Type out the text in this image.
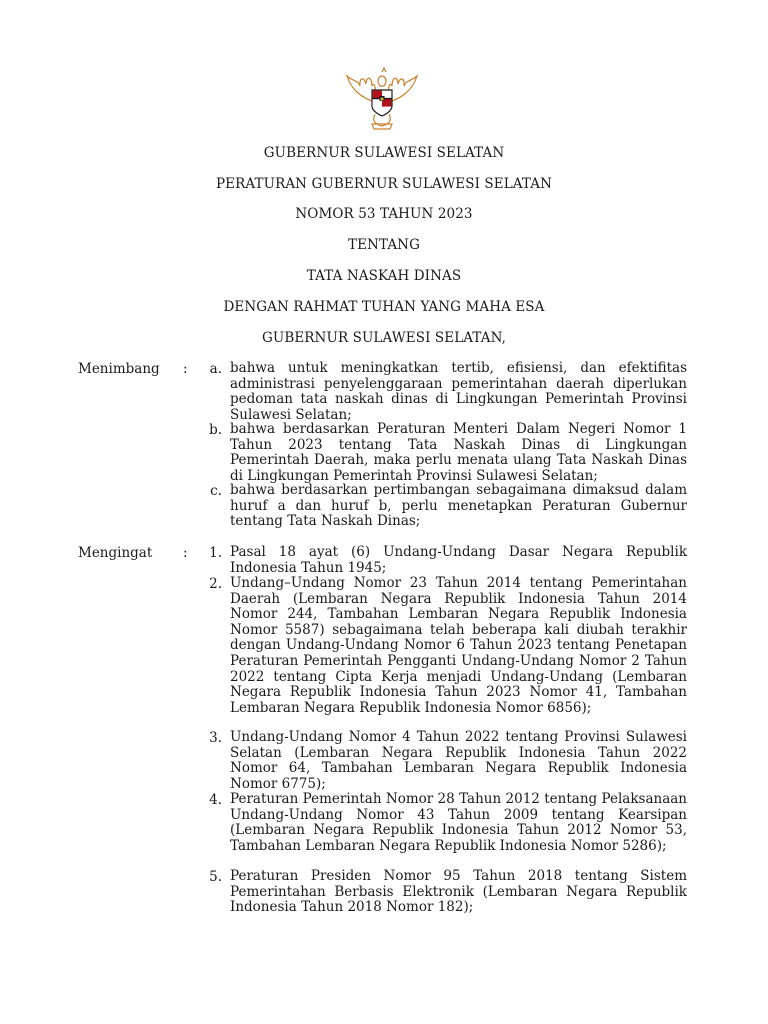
GUBERNUR SULAWESI SELATAN
PERATURAN GUBERNUR SULAWESI SELATAN
NOMOR 53 TAHUN 2023
TENTANG
TATA NASKAH DINAS
DENGAN RAHMAT TUHAN YANG MAHA ESA
GUBERNUR SULAWESI SELATAN,
Menimbang :	a. bahwa untuk meningkatkan tertib, efisiensi, dan efektifitas administrasi penyelenggaraan pemerintahan daerah diperlukan pedoman tata naskah dinas di Lingkungan Pemerintah Provinsi Sulawesi Selatan;
b. bahwa berdasarkan Peraturan Menteri Dalam Negeri Nomor 1 Tahun 2023 tentang Tata Naskah Dinas di Lingkungan Pemerintah Daerah, maka perlu menata ulang Tata Naskah Dinas di Lingkungan Pemerintah Provinsi Sulawesi Selatan;
c. bahwa berdasarkan pertimbangan sebagaimana dimaksud dalam huruf a dan huruf b, perlu menetapkan Peraturan Gubernur tentang Tata Naskah Dinas;
Mengingat :	1. Pasal 18 ayat (6) Undang-Undang Dasar Negara Republik Indonesia Tahun 1945;
2. Undang–Undang Nomor 23 Tahun 2014 tentang Pemerintahan Daerah (Lembaran Negara Republik Indonesia Tahun 2014 Nomor 244, Tambahan Lembaran Negara Republik Indonesia Nomor 5587) sebagaimana telah beberapa kali diubah terakhir dengan Undang-Undang Nomor 6 Tahun 2023 tentang Penetapan Peraturan Pemerintah Pengganti Undang-Undang Nomor 2 Tahun 2022 tentang Cipta Kerja menjadi Undang-Undang (Lembaran Negara Republik Indonesia Tahun 2023 Nomor 41, Tambahan Lembaran Negara Republik Indonesia Nomor 6856);
3. Undang-Undang Nomor 4 Tahun 2022 tentang Provinsi Sulawesi Selatan (Lembaran Negara Republik Indonesia Tahun 2022 Nomor 64, Tambahan Lembaran Negara Republik Indonesia Nomor 6775);
4. Peraturan Pemerintah Nomor 28 Tahun 2012 tentang Pelaksanaan Undang-Undang Nomor 43 Tahun 2009 tentang Kearsipan (Lembaran Negara Republik Indonesia Tahun 2012 Nomor 53, Tambahan Lembaran Negara Republik Indonesia Nomor 5286);
5. Peraturan Presiden Nomor 95 Tahun 2018 tentang Sistem Pemerintahan Berbasis Elektronik (Lembaran Negara Republik Indonesia Tahun 2018 Nomor 182);
